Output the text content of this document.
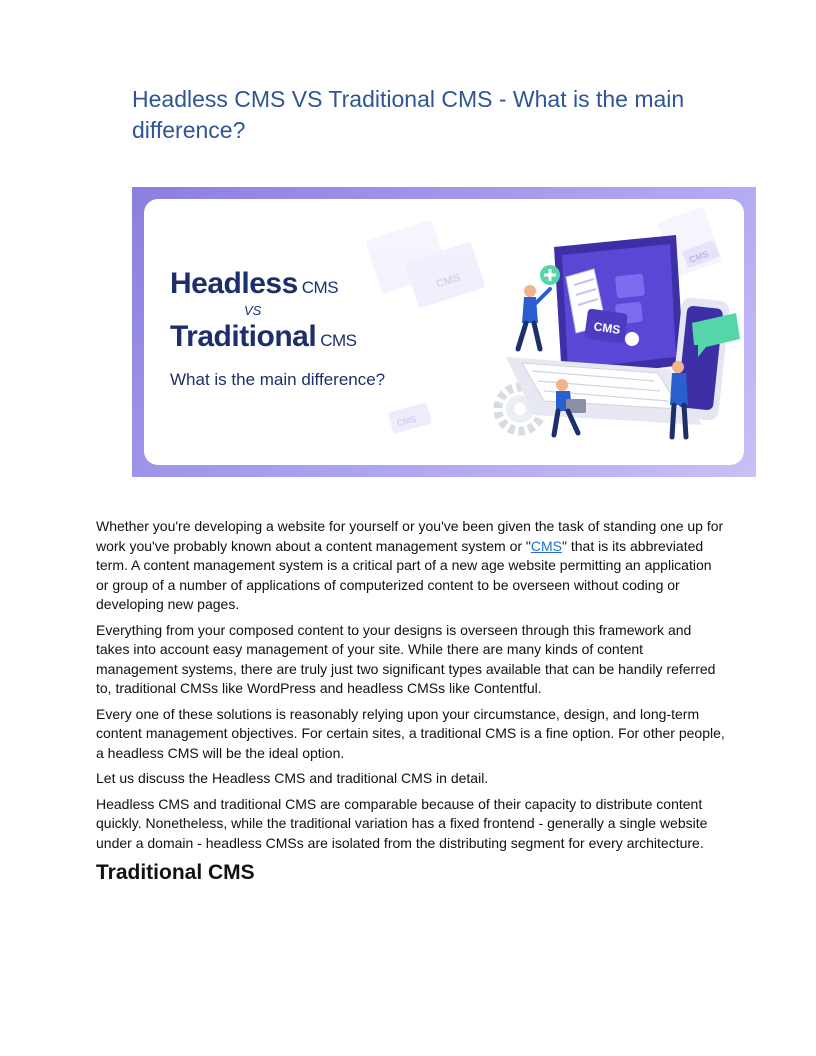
Headless CMS VS Traditional CMS - What is the main difference?
Headless CMS
VS
Traditional CMS
What is the main difference?
CMS
CMS
CMS
CMS

Whether you're developing a website for yourself or you've been given the task of standing one up for work you've probably known about a content management system or "CMS" that is its abbreviated term. A content management system is a critical part of a new age website permitting an application or group of a number of applications of computerized content to be overseen without coding or developing new pages.

Everything from your composed content to your designs is overseen through this framework and takes into account easy management of your site. While there are many kinds of content management systems, there are truly just two significant types available that can be handily referred to, traditional CMSs like WordPress and headless CMSs like Contentful.

Every one of these solutions is reasonably relying upon your circumstance, design, and long-term content management objectives. For certain sites, a traditional CMS is a fine option. For other people, a headless CMS will be the ideal option.

Let us discuss the Headless CMS and traditional CMS in detail.

Headless CMS and traditional CMS are comparable because of their capacity to distribute content quickly. Nonetheless, while the traditional variation has a fixed frontend - generally a single website under a domain - headless CMSs are isolated from the distributing segment for every architecture.

Traditional CMS
